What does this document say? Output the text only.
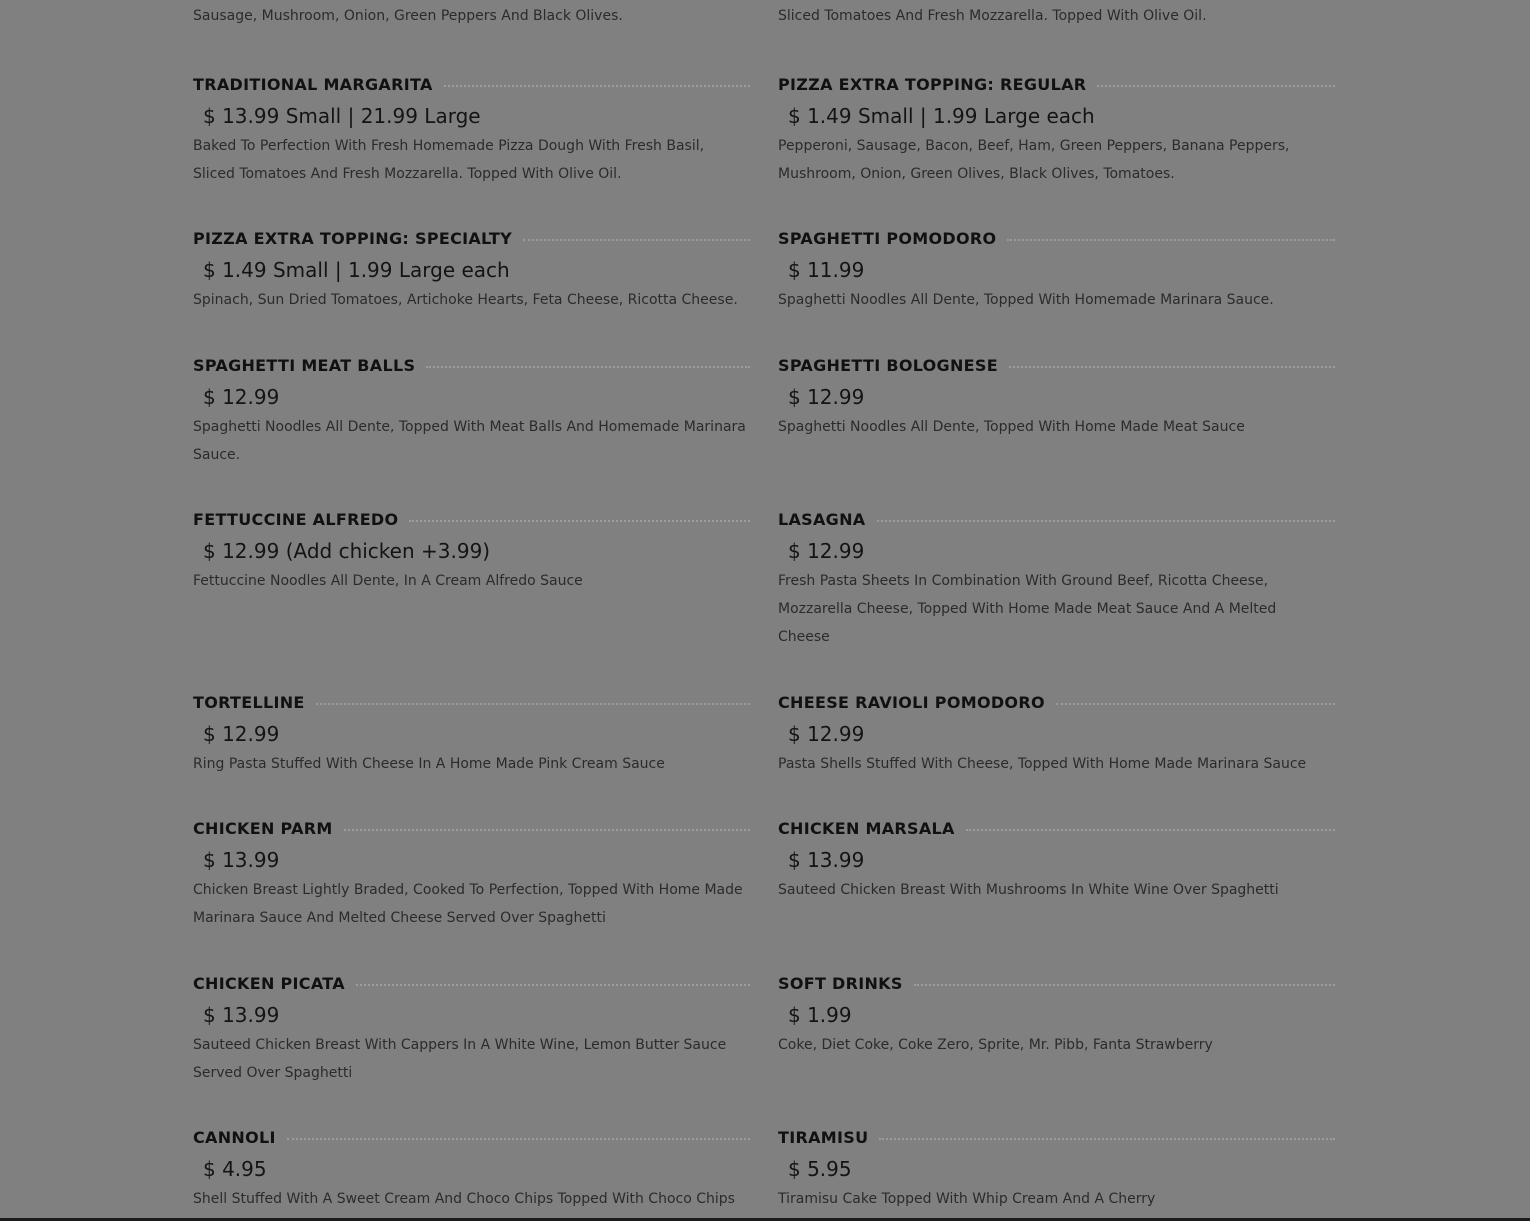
Sausage, Mushroom, Onion, Green Peppers And Black Olives.	Sliced Tomatoes And Fresh Mozzarella. Topped With Olive Oil.
TRADITIONAL MARGARITA
$ 13.99 Small | 21.99 Large
Baked To Perfection With Fresh Homemade Pizza Dough With Fresh Basil, Sliced Tomatoes And Fresh Mozzarella. Topped With Olive Oil.
PIZZA EXTRA TOPPING: REGULAR
$ 1.49 Small | 1.99 Large each
Pepperoni, Sausage, Bacon, Beef, Ham, Green Peppers, Banana Peppers, Mushroom, Onion, Green Olives, Black Olives, Tomatoes.
PIZZA EXTRA TOPPING: SPECIALTY
$ 1.49 Small | 1.99 Large each
Spinach, Sun Dried Tomatoes, Artichoke Hearts, Feta Cheese, Ricotta Cheese.
SPAGHETTI POMODORO
$ 11.99
Spaghetti Noodles All Dente, Topped With Homemade Marinara Sauce.
SPAGHETTI MEAT BALLS
$ 12.99
Spaghetti Noodles All Dente, Topped With Meat Balls And Homemade Marinara Sauce.
SPAGHETTI BOLOGNESE
$ 12.99
Spaghetti Noodles All Dente, Topped With Home Made Meat Sauce
FETTUCCINE ALFREDO
$ 12.99 (Add chicken +3.99)
Fettuccine Noodles All Dente, In A Cream Alfredo Sauce
LASAGNA
$ 12.99
Fresh Pasta Sheets In Combination With Ground Beef, Ricotta Cheese, Mozzarella Cheese, Topped With Home Made Meat Sauce And A Melted Cheese
TORTELLINE
$ 12.99
Ring Pasta Stuffed With Cheese In A Home Made Pink Cream Sauce
CHEESE RAVIOLI POMODORO
$ 12.99
Pasta Shells Stuffed With Cheese, Topped With Home Made Marinara Sauce
CHICKEN PARM
$ 13.99
Chicken Breast Lightly Braded, Cooked To Perfection, Topped With Home Made Marinara Sauce And Melted Cheese Served Over Spaghetti
CHICKEN MARSALA
$ 13.99
Sauteed Chicken Breast With Mushrooms In White Wine Over Spaghetti
CHICKEN PICATA
$ 13.99
Sauteed Chicken Breast With Cappers In A White Wine, Lemon Butter Sauce Served Over Spaghetti
SOFT DRINKS
$ 1.99
Coke, Diet Coke, Coke Zero, Sprite, Mr. Pibb, Fanta Strawberry
CANNOLI
$ 4.95
Shell Stuffed With A Sweet Cream And Choco Chips Topped With Choco Chips
TIRAMISU
$ 5.95
Tiramisu Cake Topped With Whip Cream And A Cherry
